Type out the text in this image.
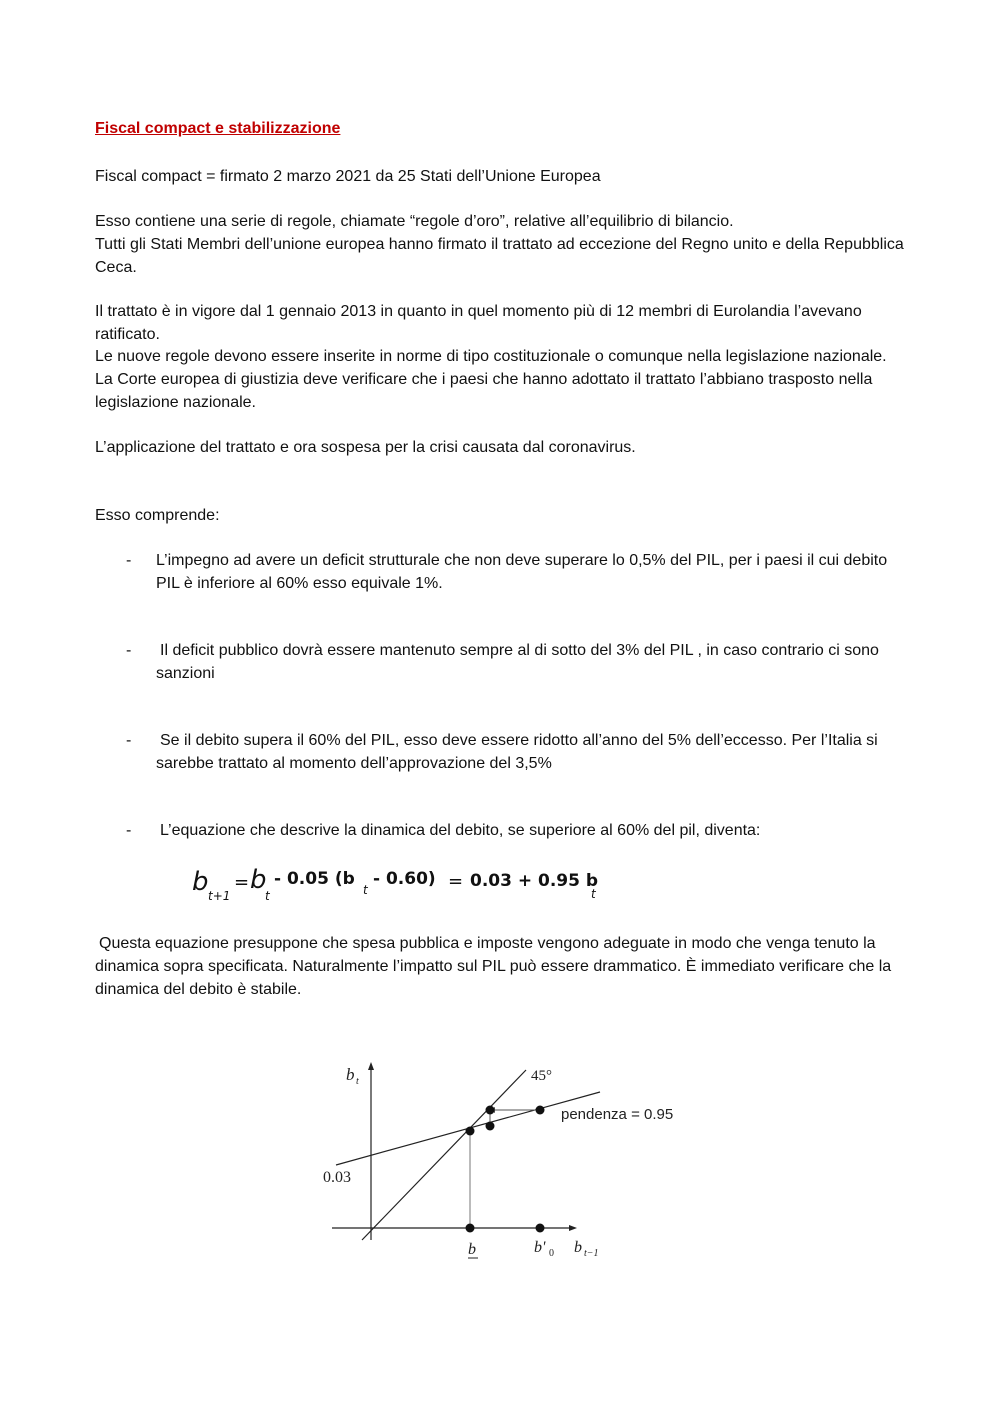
Fiscal compact e stabilizzazione

Fiscal compact = firmato 2 marzo 2021 da 25 Stati dell’Unione Europea

Esso contiene una serie di regole, chiamate “regole d’oro”, relative all’equilibrio di bilancio.

Tutti gli Stati Membri dell’unione europea hanno firmato il trattato ad eccezione del Regno unito e della Repubblica Ceca.

Il trattato è in vigore dal 1 gennaio 2013 in quanto in quel momento più di 12 membri di Eurolandia l’avevano ratificato.

Le nuove regole devono essere inserite in norme di tipo costituzionale o comunque nella legislazione nazionale. La Corte europea di giustizia deve verificare che i paesi che hanno adottato il trattato l’abbiano trasposto nella legislazione nazionale.

L’applicazione del trattato e ora sospesa per la crisi causata dal coronavirus.

Esso comprende:

- L’impegno ad avere un deficit strutturale che non deve superare lo 0,5% del PIL, per i paesi il cui debito PIL è inferiore al 60% esso equivale 1%.

- Il deficit pubblico dovrà essere mantenuto sempre al di sotto del 3% del PIL , in caso contrario ci sono sanzioni

- Se il debito supera il 60% del PIL, esso deve essere ridotto all’anno del 5% dell’eccesso. Per l’Italia si sarebbe trattato al momento dell’approvazione del 3,5%

- L’equazione che descrive la dinamica del debito, se superiore al 60% del pil, diventa:

b t+1
= b
t
- 0.05 (b
t
- 0.60) = 0.03 + 0.95 b
t

Questa equazione presuppone che spesa pubblica e imposte vengono adeguate in modo che venga tenuto la dinamica sopra specificata. Naturalmente l’impatto sul PIL può essere drammatico. È immediato verificare che la dinamica del debito è stabile.

b t	45°
pendenza = 0.95
0.03
b	b' 0 b t−1
